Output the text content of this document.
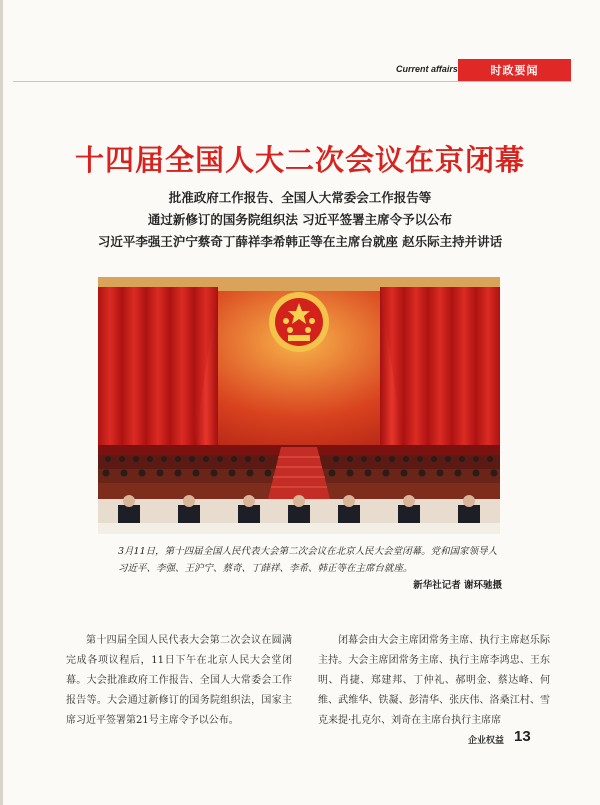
Current affairs	时政要闻
十四届全国人大二次会议在京闭幕
批准政府工作报告、全国人大常委会工作报告等
通过新修订的国务院组织法 习近平签署主席令予以公布
习近平李强王沪宁蔡奇丁薛祥李希韩正等在主席台就座 赵乐际主持并讲话
3月11日，第十四届全国人民代表大会第二次会议在北京人民大会堂闭幕。党和国家领导人习近平、李强、王沪宁、蔡奇、丁薛祥、李希、韩正等在主席台就座。
新华社记者 谢环驰摄
第十四届全国人民代表大会第二次会议在圆满完成各项议程后，11日下午在北京人民大会堂闭幕。大会批准政府工作报告、全国人大常委会工作报告等。大会通过新修订的国务院组织法，国家主席习近平签署第21号主席令予以公布。
闭幕会由大会主席团常务主席、执行主席赵乐际主持。大会主席团常务主席、执行主席李鸿忠、王东明、肖捷、郑建邦、丁仲礼、郝明金、蔡达峰、何维、武维华、铁凝、彭清华、张庆伟、洛桑江村、雪克来提·扎克尔、刘奇在主席台执行主席席
企业权益 13
